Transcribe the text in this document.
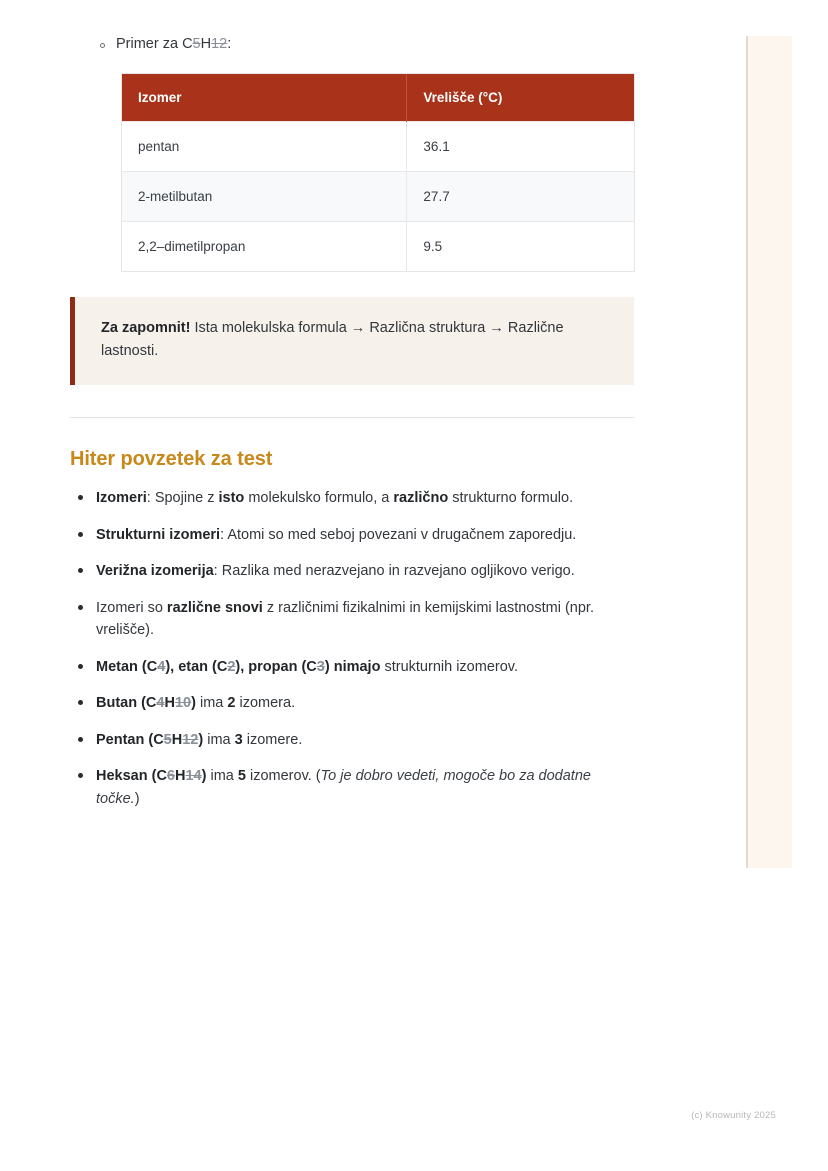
Primer za C5H12:
Izomer	Vrelišče (°C)
pentan	36.1
2-metilbutan	27.7
2,2–dimetilpropan	9.5
Za zapomnit! Ista molekulska formula → Različna struktura → Različne lastnosti.
Hiter povzetek za test
Izomeri: Spojine z isto molekulsko formulo, a različno strukturno formulo.
Strukturni izomeri: Atomi so med seboj povezani v drugačnem zaporedju.
Verižna izomerija: Razlika med nerazvejano in razvejano ogljikovo verigo.
Izomeri so različne snovi z različnimi fizikalnimi in kemijskimi lastnostmi (npr. vrelišče).
Metan (C4), etan (C2), propan (C3) nimajo strukturnih izomerov.
Butan (C4H10) ima 2 izomera.
Pentan (C5H12) ima 3 izomere.
Heksan (C6H14) ima 5 izomerov. (To je dobro vedeti, mogoče bo za dodatne točke.)
(c) Knowunity 2025
